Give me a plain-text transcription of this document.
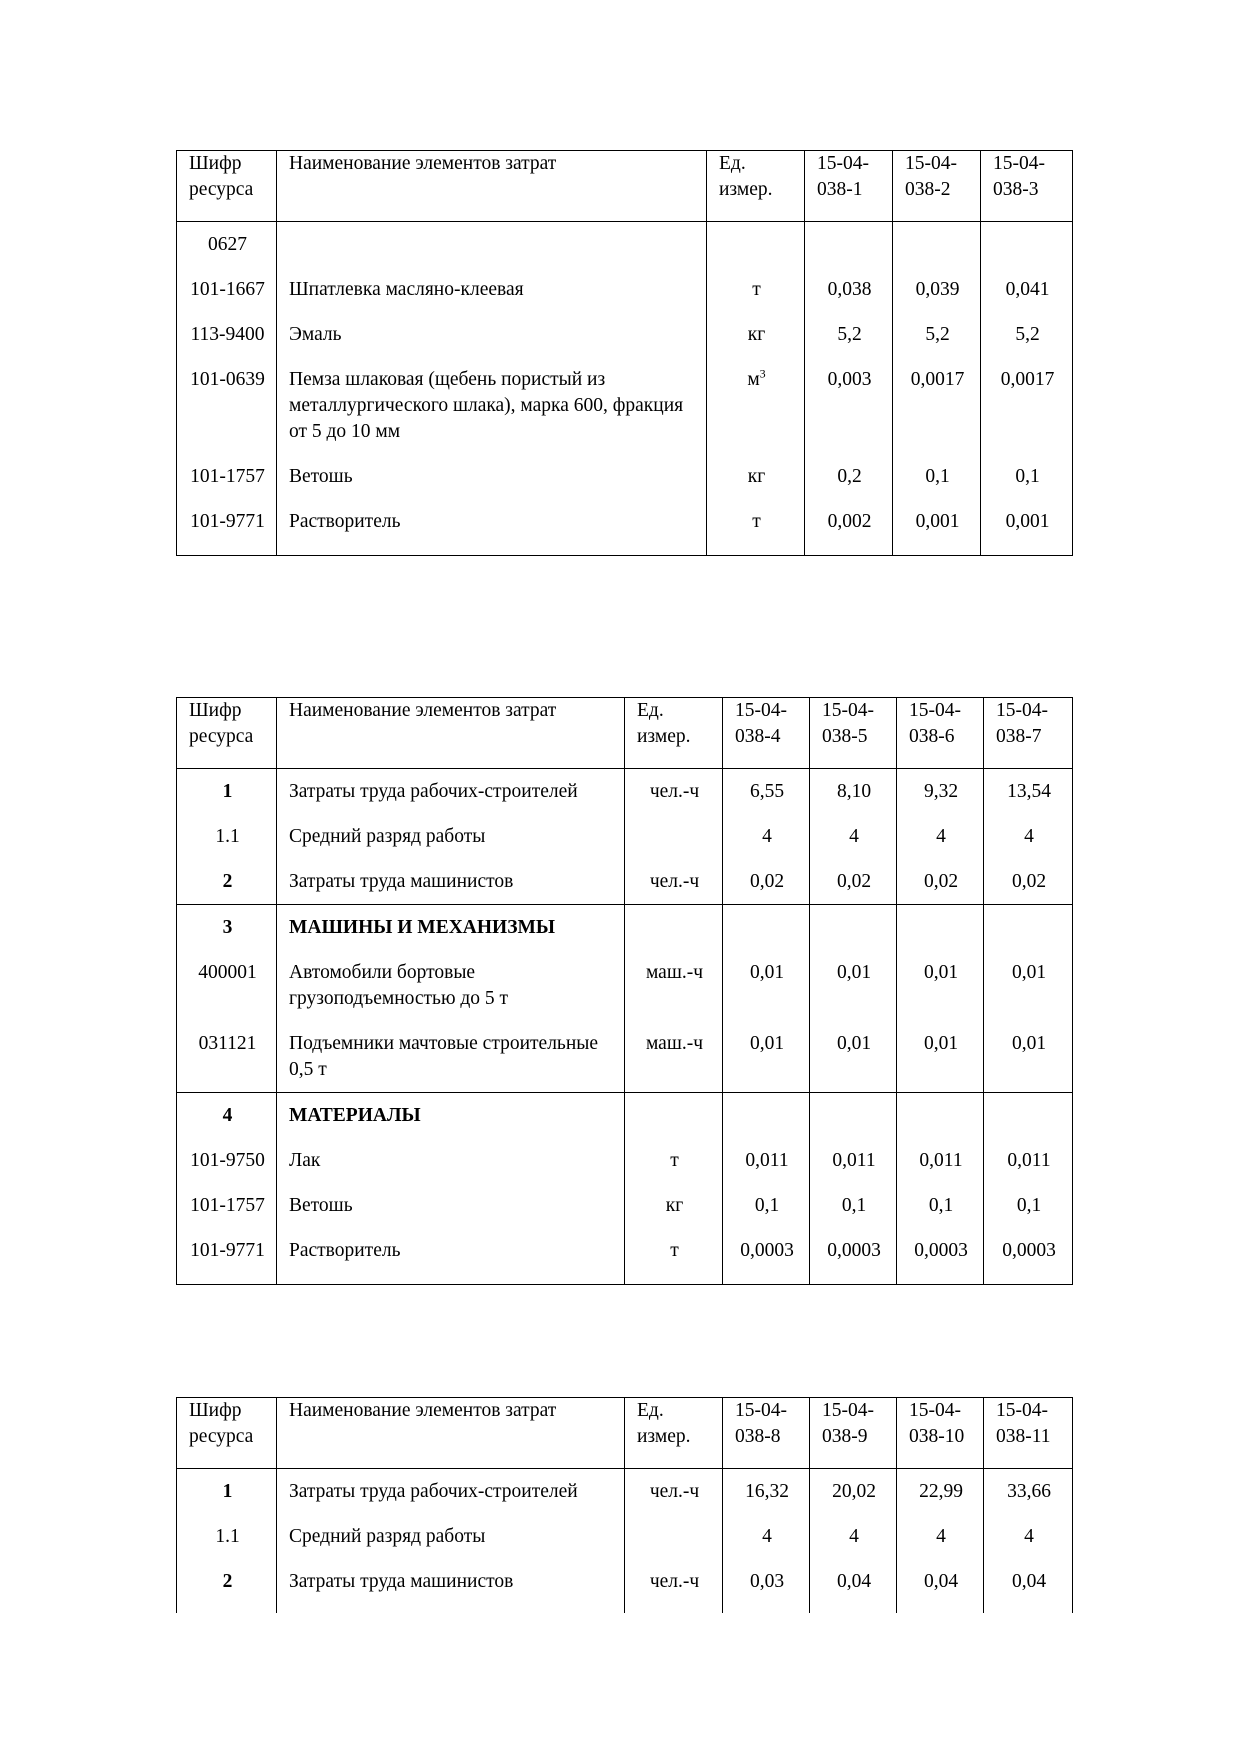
Шифр ресурса	Наименование элементов затрат	Ед. измер.	15-04-038-1	15-04-038-2	15-04-038-3
0627					
101-1667	Шпатлевка масляно-клеевая	т	0,038	0,039	0,041
113-9400	Эмаль	кг	5,2	5,2	5,2
101-0639	Пемза шлаковая (щебень пористый из металлургического шлака), марка 600, фракция от 5 до 10 мм	$м^3$	0,003	0,0017	0,0017
101-1757	Ветошь	кг	0,2	0,1	0,1
101-9771	Растворитель	т	0,002	0,001	0,001
Шифр ресурса	Наименование элементов затрат	Ед. измер.	15-04-038-4	15-04-038-5	15-04-038-6	15-04-038-7
1	Затраты труда рабочих-строителей	чел.-ч	6,55	8,10	9,32	13,54
1.1	Средний разряд работы		4	4	4	4
2	Затраты труда машинистов	чел.-ч	0,02	0,02	0,02	0,02
3	МАШИНЫ И МЕХАНИЗМЫ					
400001	Автомобили бортовые грузоподъемностью до 5 т	маш.-ч	0,01	0,01	0,01	0,01
031121	Подъемники мачтовые строительные 0,5 т	маш.-ч	0,01	0,01	0,01	0,01
4	МАТЕРИАЛЫ					
101-9750	Лак	т	0,011	0,011	0,011	0,011
101-1757	Ветошь	кг	0,1	0,1	0,1	0,1
101-9771	Растворитель	т	0,0003	0,0003	0,0003	0,0003
Шифр ресурса	Наименование элементов затрат	Ед. измер.	15-04-038-8	15-04-038-9	15-04-038-10	15-04-038-11
1	Затраты труда рабочих-строителей	чел.-ч	16,32	20,02	22,99	33,66
1.1	Средний разряд работы		4	4	4	4
2	Затраты труда машинистов	чел.-ч	0,03	0,04	0,04	0,04
